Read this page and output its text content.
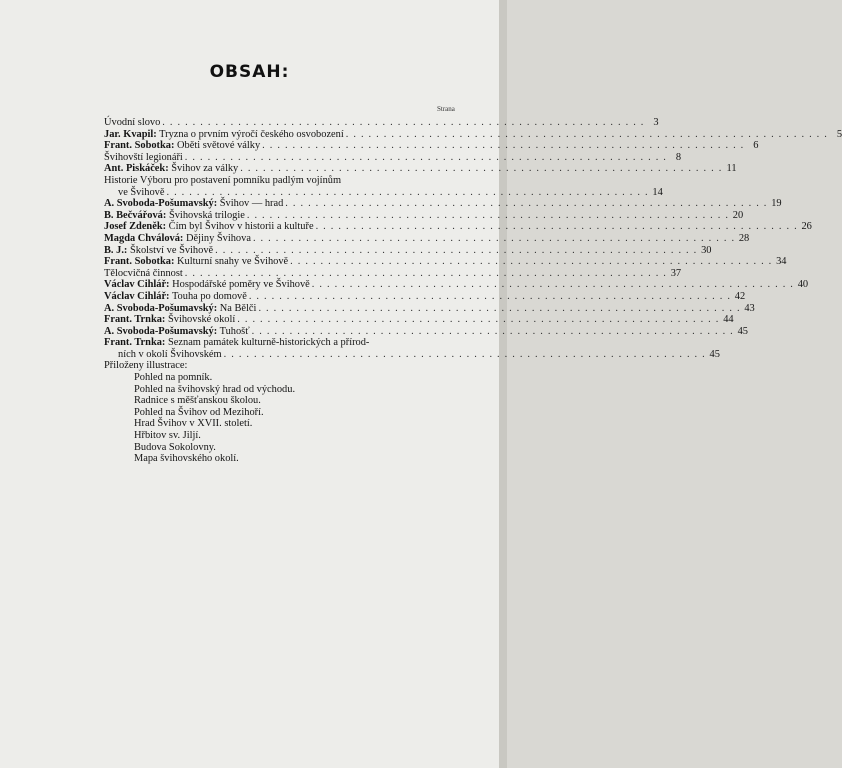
OBSAH:
Strana
Úvodní slovo . . .	3
Jar. Kvapil: Tryzna o prvním výročí českého osvobození . . .	5
Frant. Sobotka: Oběti světové války . . .	6
Švihovští legionáři . . .	8
Ant. Piskáček: Švihov za války . . .	11
Historie Výboru pro postavení pomníku padlým vojínům
ve Švihově . . .	14
A. Svoboda-Pošumavský: Švihov — hrad . . .	19
B. Bečvářová: Švihovská trilogie . . .	20
Josef Zdeněk: Čím byl Švihov v historii a kultuře . . .	26
Magda Chválová: Dějiny Švihova . . .	28
B. J.: Školství ve Švihově . . .	30
Frant. Sobotka: Kulturní snahy ve Švihově . . .	34
Tělocvičná činnost . . .	37
Václav Cihlář: Hospodářské poměry ve Švihově . . .	40
Václav Cihlář: Touha po domově . . .	42
A. Svoboda-Pošumavský: Na Bělči . . .	43
Frant. Trnka: Švihovské okolí . . .	44
A. Svoboda-Pošumavský: Tuhošť . . .	45
Frant. Trnka: Seznam památek kulturně-historických a přírod-
ních v okolí Švihovském . . .	45
Přiloženy illustrace:
Pohled na pomník.
Pohled na švihovský hrad od východu.
Radnice s měšťanskou školou.
Pohled na Švihov od Mezihoří.
Hrad Švihov v XVII. století.
Hřbitov sv. Jiljí.
Budova Sokolovny.
Mapa švihovského okolí.
